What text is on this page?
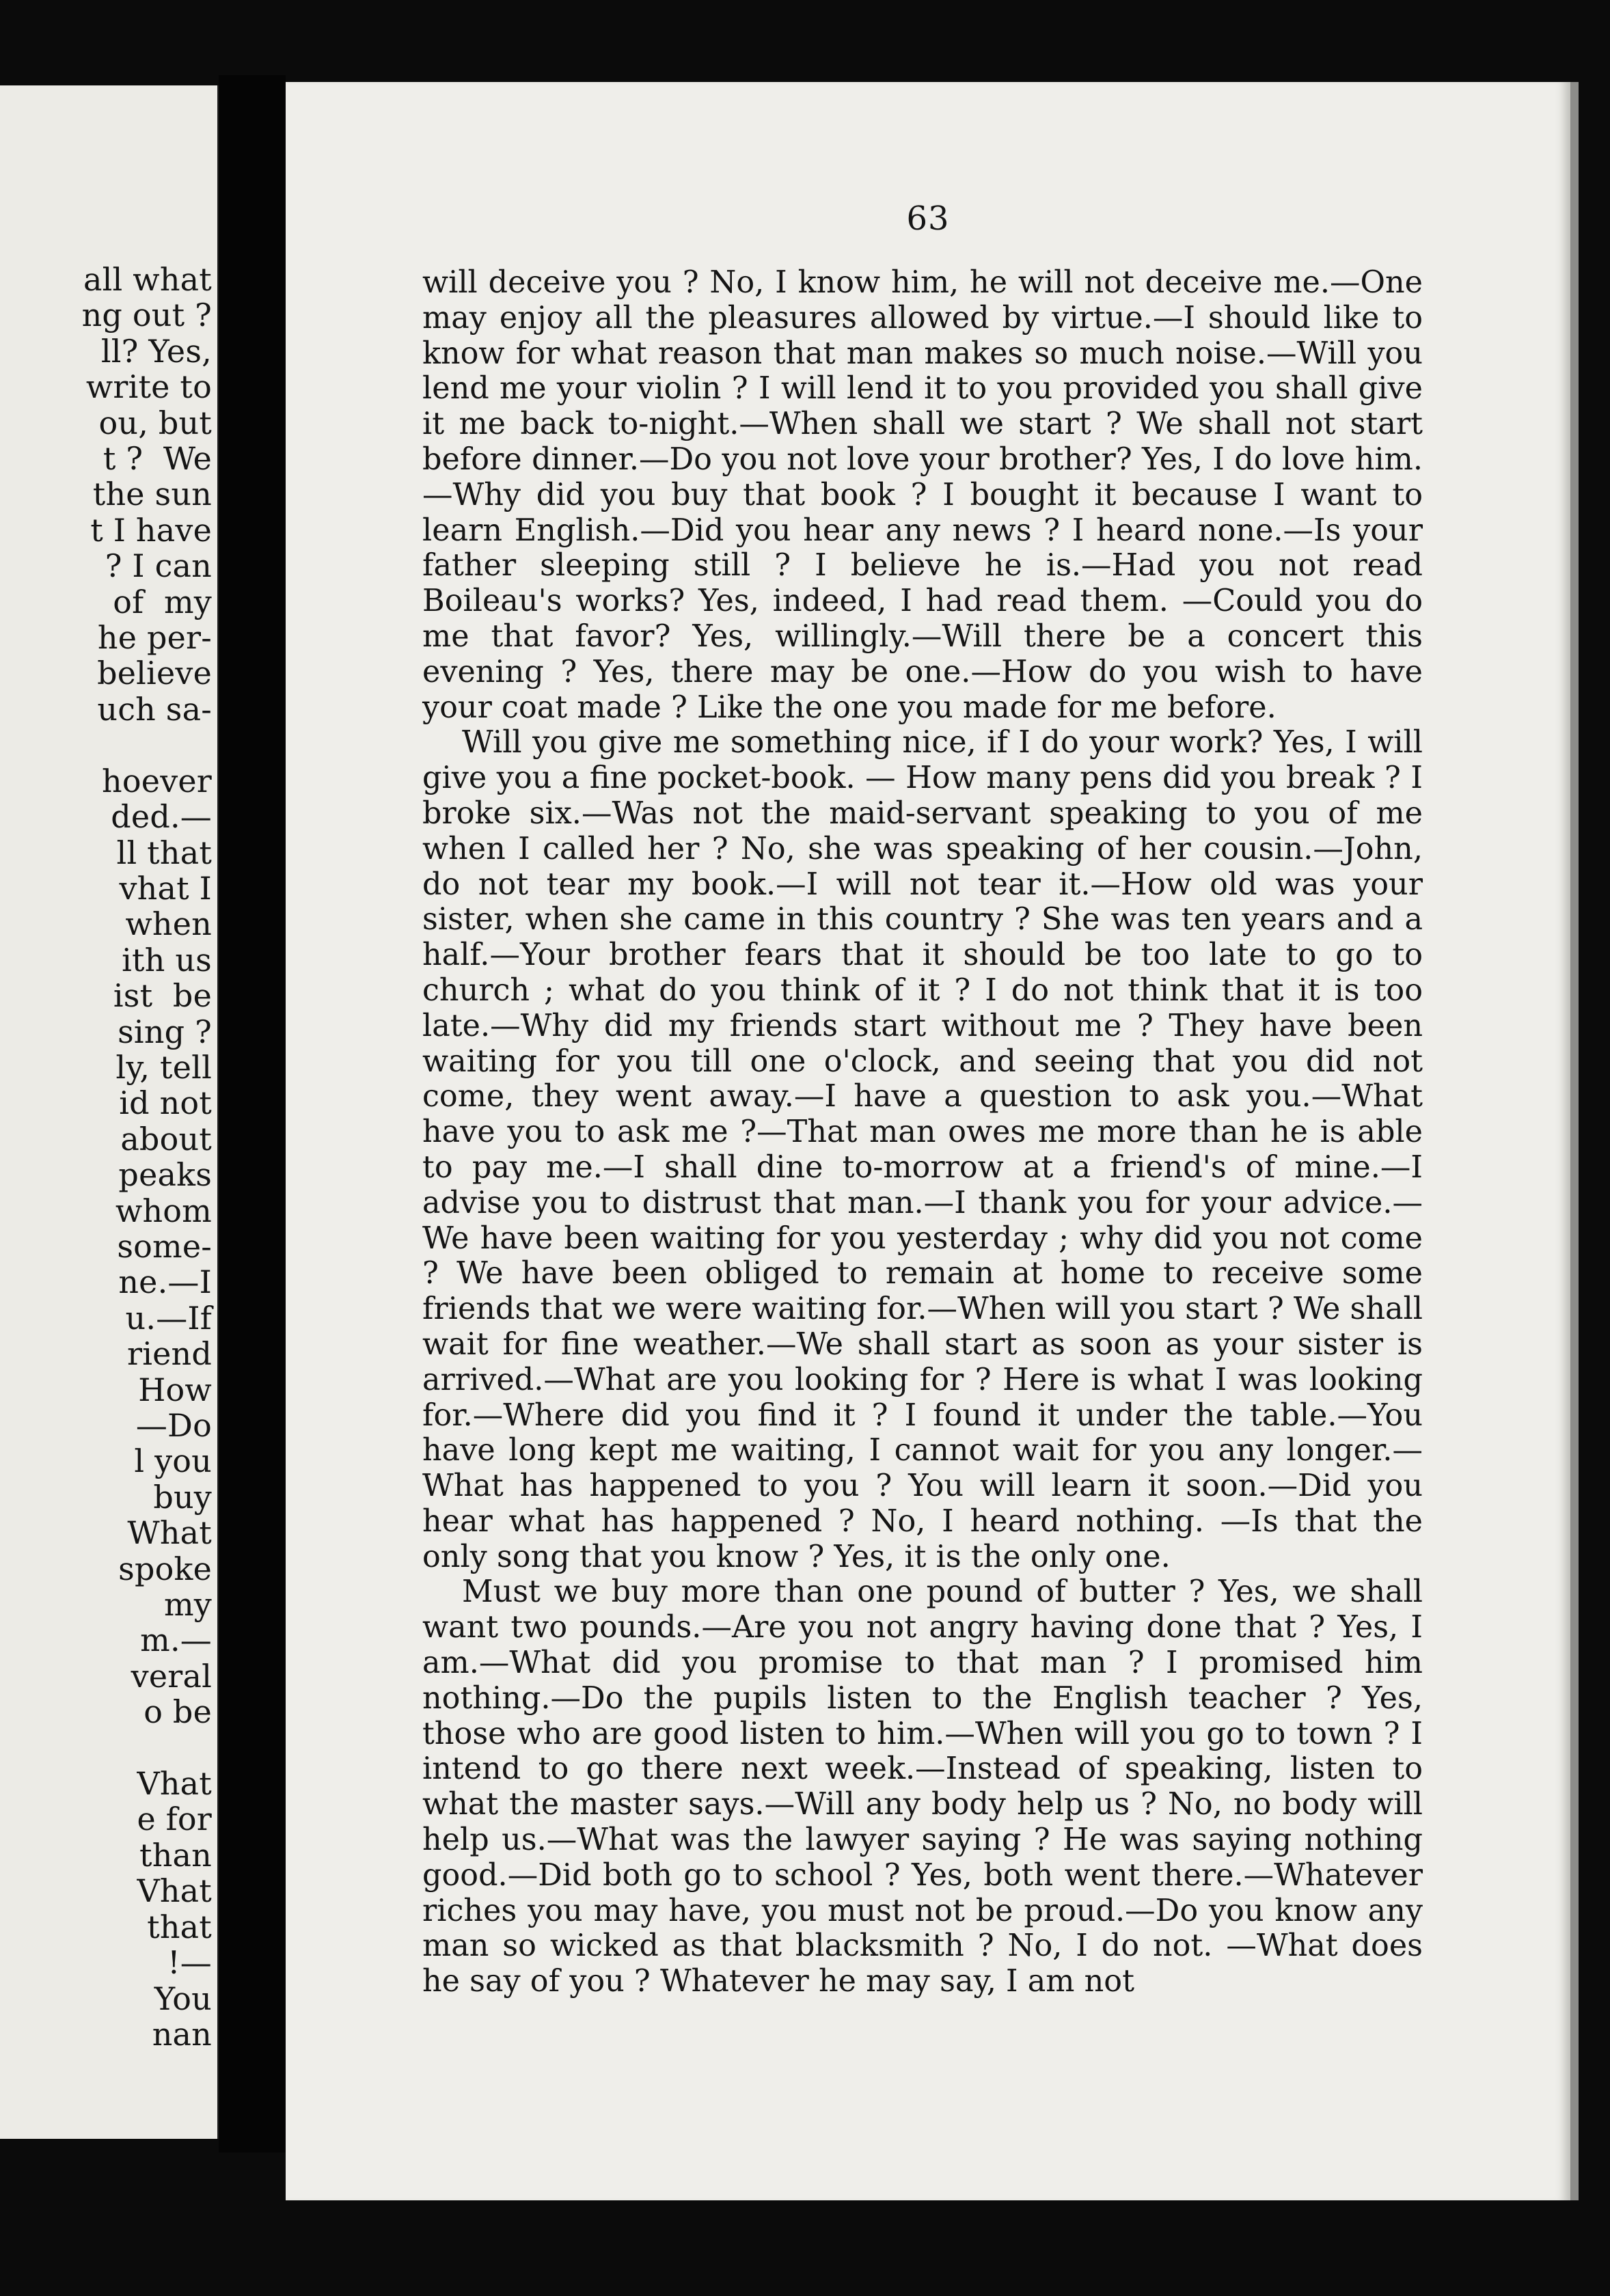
all what
ng out ?
ll? Yes,
write to
ou, but
t ?  We
the sun
t I have
? I can
of  my
he per-
believe
uch sa-

hoever
ded.—
ll that
vhat I
when
ith us
ist  be
sing ?
ly, tell
id not
about
peaks
whom
some-
ne.—I
u.—If
riend
How
—Do
l you
buy
What
spoke
my
m.—
veral
o be

Vhat
e for
than
Vhat
that
!—
You
nan
63

will deceive you ? No, I know him, he will not deceive me.—One may enjoy all the pleasures allowed by virtue.—I should like to know for what reason that man makes so much noise.—Will you lend me your violin ? I will lend it to you provided you shall give it me back to-night.—When shall we start ? We shall not start before dinner.—Do you not love your brother? Yes, I do love him.—Why did you buy that book ? I bought it because I want to learn English.—Did you hear any news ? I heard none.—Is your father sleeping still ? I believe he is.—Had you not read Boileau's works? Yes, indeed, I had read them. —Could you do me that favor? Yes, willingly.—Will there be a concert this evening ? Yes, there may be one.—How do you wish to have your coat made ? Like the one you made for me before.

Will you give me something nice, if I do your work? Yes, I will give you a fine pocket-book. — How many pens did you break ? I broke six.—Was not the maid-servant speaking to you of me when I called her ? No, she was speaking of her cousin.—John, do not tear my book.—I will not tear it.—How old was your sister, when she came in this country ? She was ten years and a half.—Your brother fears that it should be too late to go to church ; what do you think of it ? I do not think that it is too late.—Why did my friends start without me ? They have been waiting for you till one o'clock, and seeing that you did not come, they went away.—I have a question to ask you.—What have you to ask me ?—That man owes me more than he is able to pay me.—I shall dine to-morrow at a friend's of mine.—I advise you to distrust that man.—I thank you for your advice.—We have been waiting for you yesterday ; why did you not come ? We have been obliged to remain at home to receive some friends that we were waiting for.—When will you start ? We shall wait for fine weather.—We shall start as soon as your sister is arrived.—What are you looking for ? Here is what I was looking for.—Where did you find it ? I found it under the table.—You have long kept me waiting, I cannot wait for you any longer.—What has happened to you ? You will learn it soon.—Did you hear what has happened ? No, I heard nothing. —Is that the only song that you know ? Yes, it is the only one.

Must we buy more than one pound of butter ? Yes, we shall want two pounds.—Are you not angry having done that ? Yes, I am.—What did you promise to that man ? I promised him nothing.—Do the pupils listen to the English teacher ? Yes, those who are good listen to him.—When will you go to town ? I intend to go there next week.—Instead of speaking, listen to what the master says.—Will any body help us ? No, no body will help us.—What was the lawyer saying ? He was saying nothing good.—Did both go to school ? Yes, both went there.—Whatever riches you may have, you must not be proud.—Do you know any man so wicked as that blacksmith ? No, I do not. —What does he say of you ? Whatever he may say, I am not
